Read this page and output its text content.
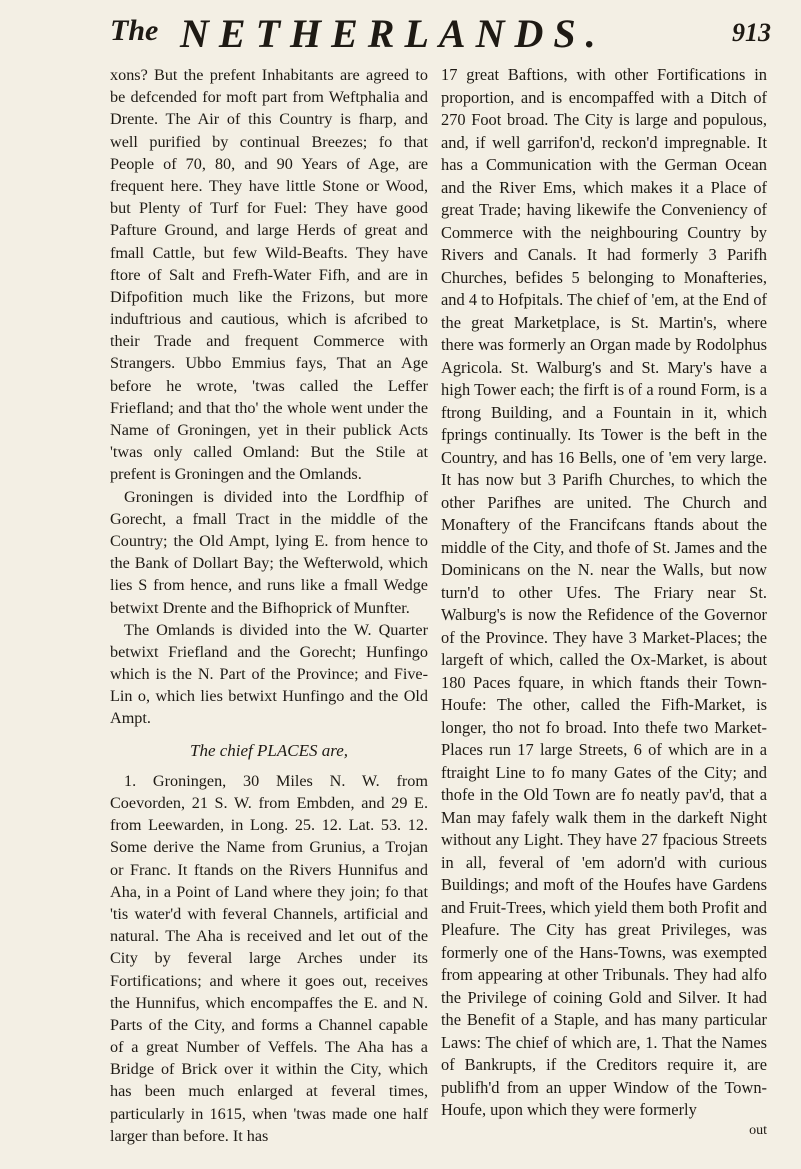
The NETHERLANDS.	913

xons? But the prefent Inhabitants are agreed to be defcended for moft part from Weftphalia and Drente. The Air of this Country is fharp, and well purified by continual Breezes; fo that People of 70, 80, and 90 Years of Age, are frequent here. They have little Stone or Wood, but Plenty of Turf for Fuel: They have good Pafture Ground, and large Herds of great and fmall Cattle, but few Wild-Beafts. They have ftore of Salt and Frefh-Water Fifh, and are in Difpofition much like the Frizons, but more induftrious and cautious, which is afcribed to their Trade and frequent Commerce with Strangers. Ubbo Emmius fays, That an Age before he wrote, 'twas called the Leffer Friefland; and that tho' the whole went under the Name of Groningen, yet in their publick Acts 'twas only called Omland: But the Stile at prefent is Groningen and the Omlands.

Groningen is divided into the Lordfhip of Gorecht, a fmall Tract in the middle of the Country; the Old Ampt, lying E. from hence to the Bank of Dollart Bay; the Wefterwold, which lies S from hence, and runs like a fmall Wedge betwixt Drente and the Bifhoprick of Munfter.

The Omlands is divided into the W. Quarter betwixt Friefland and the Gorecht; Hunfingo which is the N. Part of the Province; and Five-Lin o, which lies betwixt Hunfingo and the Old Ampt.

The chief PLACES are,

1. Groningen, 30 Miles N. W. from Coevorden, 21 S. W. from Embden, and 29 E. from Leewarden, in Long. 25. 12. Lat. 53. 12. Some derive the Name from Grunius, a Trojan or Franc. It ftands on the Rivers Hunnifus and Aha, in a Point of Land where they join; fo that 'tis water'd with feveral Channels, artificial and natural. The Aha is received and let out of the City by feveral large Arches under its Fortifications; and where it goes out, receives the Hunnifus, which encompaffes the E. and N. Parts of the City, and forms a Channel capable of a great Number of Veffels. The Aha has a Bridge of Brick over it within the City, which has been much enlarged at feveral times, particularly in 1615, when 'twas made one half larger than before. It has

17 great Baftions, with other Fortifications in proportion, and is encompaffed with a Ditch of 270 Foot broad. The City is large and populous, and, if well garrifon'd, reckon'd impregnable. It has a Communication with the German Ocean and the River Ems, which makes it a Place of great Trade; having likewife the Conveniency of Commerce with the neighbouring Country by Rivers and Canals. It had formerly 3 Parifh Churches, befides 5 belonging to Monafteries, and 4 to Hofpitals. The chief of 'em, at the End of the great Marketplace, is St. Martin's, where there was formerly an Organ made by Rodolphus Agricola. St. Walburg's and St. Mary's have a high Tower each; the firft is of a round Form, is a ftrong Building, and a Fountain in it, which fprings continually. Its Tower is the beft in the Country, and has 16 Bells, one of 'em very large. It has now but 3 Parifh Churches, to which the other Parifhes are united. The Church and Monaftery of the Francifcans ftands about the middle of the City, and thofe of St. James and the Dominicans on the N. near the Walls, but now turn'd to other Ufes. The Friary near St. Walburg's is now the Refidence of the Governor of the Province. They have 3 Market-Places; the largeft of which, called the Ox-Market, is about 180 Paces fquare, in which ftands their Town-Houfe: The other, called the Fifh-Market, is longer, tho not fo broad. Into thefe two Market-Places run 17 large Streets, 6 of which are in a ftraight Line to fo many Gates of the City; and thofe in the Old Town are fo neatly pav'd, that a Man may fafely walk them in the darkeft Night without any Light. They have 27 fpacious Streets in all, feveral of 'em adorn'd with curious Buildings; and moft of the Houfes have Gardens and Fruit-Trees, which yield them both Profit and Pleafure. The City has great Privileges, was formerly one of the Hans-Towns, was exempted from appearing at other Tribunals. They had alfo the Privilege of coining Gold and Silver. It had the Benefit of a Staple, and has many particular Laws: The chief of which are, 1. That the Names of Bankrupts, if the Creditors require it, are publifh'd from an upper Window of the Town-Houfe, upon which they were formerly

out
